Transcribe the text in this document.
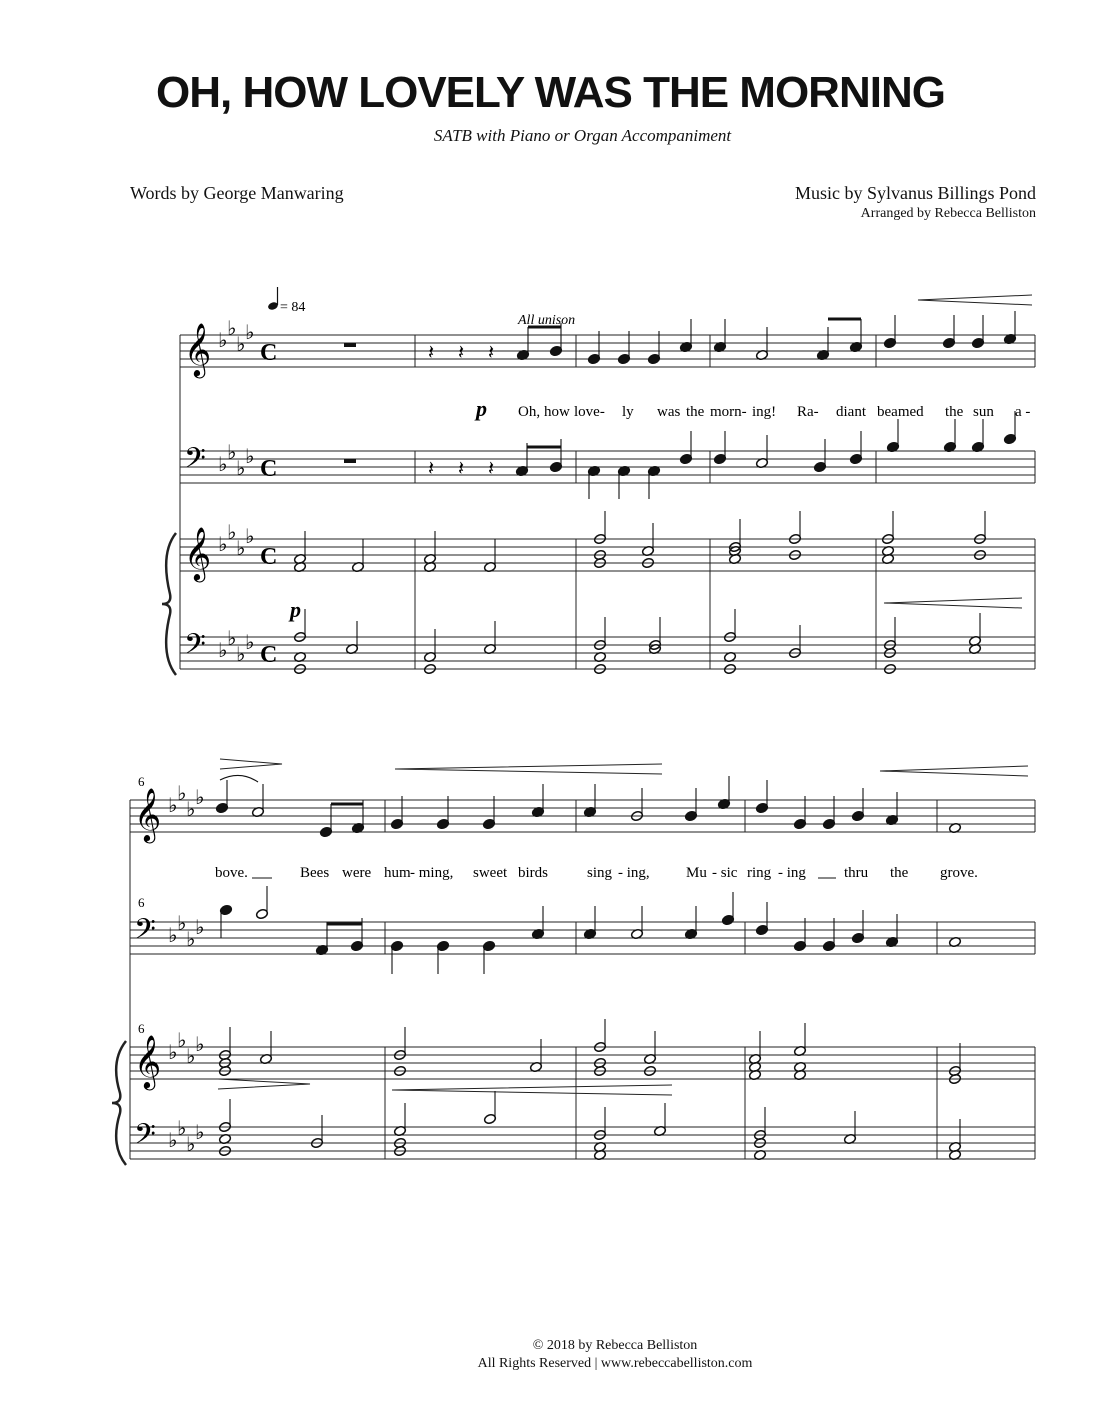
OH, HOW LOVELY WAS THE MORNING
SATB with Piano or Organ Accompaniment
Words by George Manwaring	Music by Sylvanus Billings Pond
Arranged by Rebecca Belliston
𝄞 ♭
♭
♭
♭
C
𝄢 ♭
♭
♭
♭ C
𝄞 ♭
♭
♭
♭
C
𝄢 ♭
♭
♭
♭ C
𝄞 ♭
♭
♭
♭
𝄢 ♭
♭
♭
♭
𝄞 ♭
♭
♭
♭
𝄢 ♭
♭
♭
♭
𝄽 𝄽 𝄽
𝄽 𝄽 𝄽
= 84
All unison
p
p
6
6
6
Oh, how love- ly was the morn- ing! Ra- diant beamed the sun a -
bove.	Bees were hum - ming, sweet birds	sing - ing, Mu - sic ring - ing	thru the grove.
© 2018 by Rebecca Belliston
All Rights Reserved | www.rebeccabelliston.com
